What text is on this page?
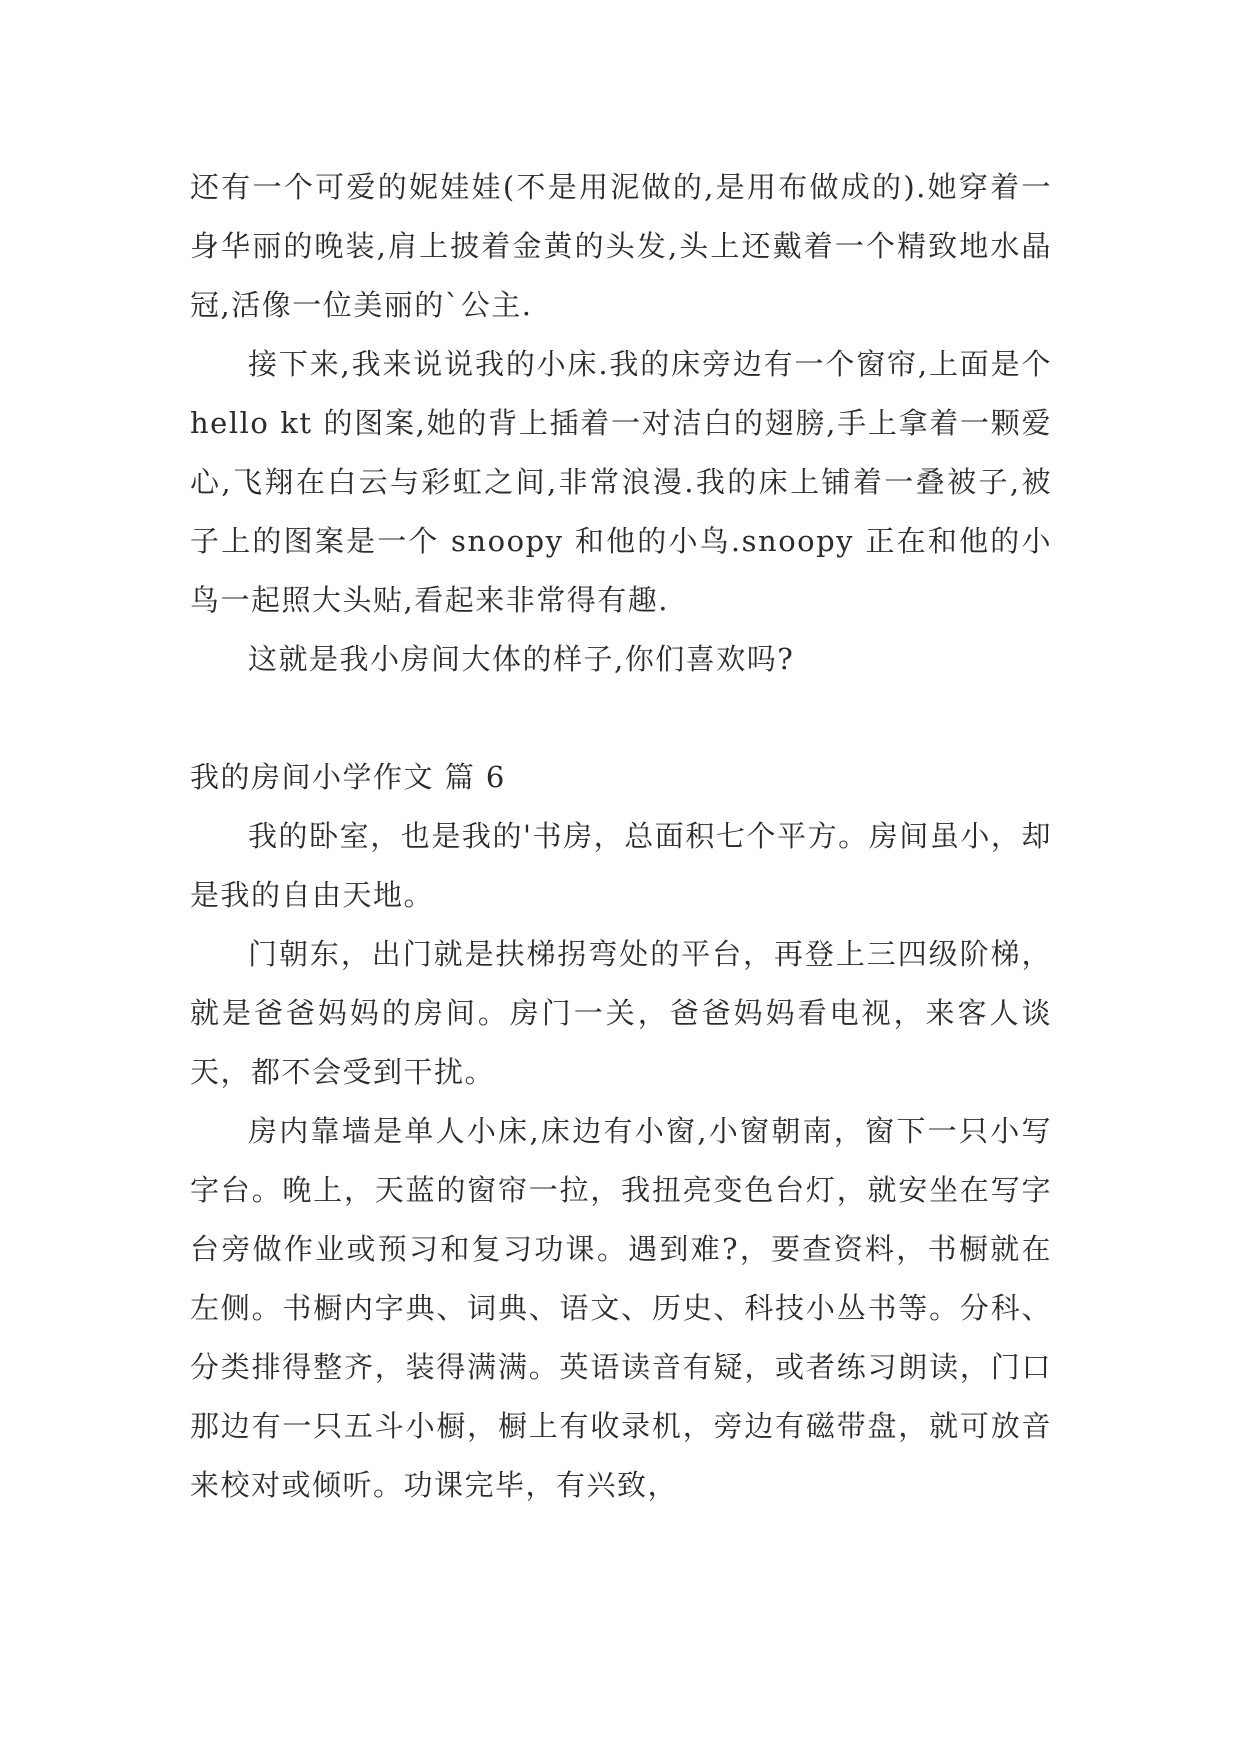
还有一个可爱的妮娃娃(不是用泥做的,是用布做成的).她穿着一身华丽的晚装,肩上披着金黄的头发,头上还戴着一个精致地水晶冠,活像一位美丽的`公主.

接下来,我来说说我的小床.我的床旁边有一个窗帘,上面是个 hello kt 的图案,她的背上插着一对洁白的翅膀,手上拿着一颗爱心,飞翔在白云与彩虹之间,非常浪漫.我的床上铺着一叠被子,被子上的图案是一个 snoopy 和他的小鸟.snoopy 正在和他的小鸟一起照大头贴,看起来非常得有趣.

这就是我小房间大体的样子,你们喜欢吗?

我的房间小学作文 篇 6

我的卧室，也是我的'书房，总面积七个平方。房间虽小，却是我的自由天地。

门朝东，出门就是扶梯拐弯处的平台，再登上三四级阶梯，就是爸爸妈妈的房间。房门一关，爸爸妈妈看电视，来客人谈天，都不会受到干扰。

房内靠墙是单人小床,床边有小窗,小窗朝南，窗下一只小写字台。晚上，天蓝的窗帘一拉，我扭亮变色台灯，就安坐在写字台旁做作业或预习和复习功课。遇到难?，要查资料，书橱就在左侧。书橱内字典、词典、语文、历史、科技小丛书等。分科、分类排得整齐，装得满满。英语读音有疑，或者练习朗读，门口那边有一只五斗小橱，橱上有收录机，旁边有磁带盘，就可放音来校对或倾听。功课完毕，有兴致，
